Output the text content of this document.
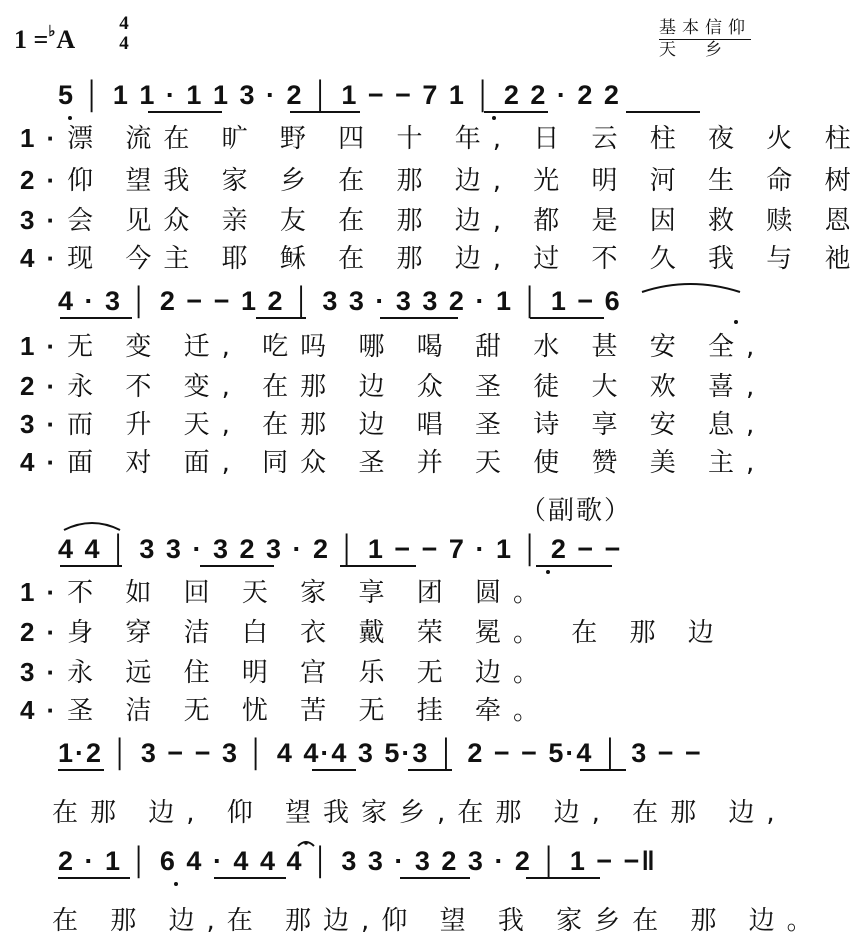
1 =♭A
4
4
基本信仰
天　乡
5 │ 1 1 · 1 1 3 · 2 │ 1 − − 7 1 │ 2 2 · 2 2
1·漂 流在 旷 野 四 十 年, 日 云 柱 夜 火 柱
2·仰 望我 家 乡 在 那 边, 光 明 河 生 命 树
3·会 见众 亲 友 在 那 边, 都 是 因 救 赎 恩
4·现 今主 耶 稣 在 那 边, 过 不 久 我 与 祂
4 · 3 │ 2 − − 1 2 │ 3 3 · 3 3 2 · 1 │ 1 − 6
1·无 变 迁, 吃吗 哪 喝 甜 水 甚 安 全,
2·永 不 变, 在那 边 众 圣 徒 大 欢 喜,
3·而 升 天, 在那 边 唱 圣 诗 享 安 息,
4·面 对 面, 同众 圣 并 天 使 赞 美 主,
（副歌）
4 4 │ 3 3 · 3 2 3 · 2 │ 1 − − 7 · 1 │ 2 − −
1·不 如 回 天 家 享 团 圆。
2·身 穿 洁 白 衣 戴 荣 冕。 在 那 边
3·永 远 住 明 宫 乐 无 边。
4·圣 洁 无 忧 苦 无 挂 牵。
1·2 │ 3 − − 3 │ 4 4·4 3 5·3 │ 2 − − 5·4 │ 3 − −
在那 边, 仰 望我家乡,在那 边, 在那 边,
2 · 1 │ 6 4 · 4 4 4 │ 3 3 · 3 2 3 · 2 │ 1 − −‖
在 那 边,在 那边,仰 望 我 家乡在 那 边。
